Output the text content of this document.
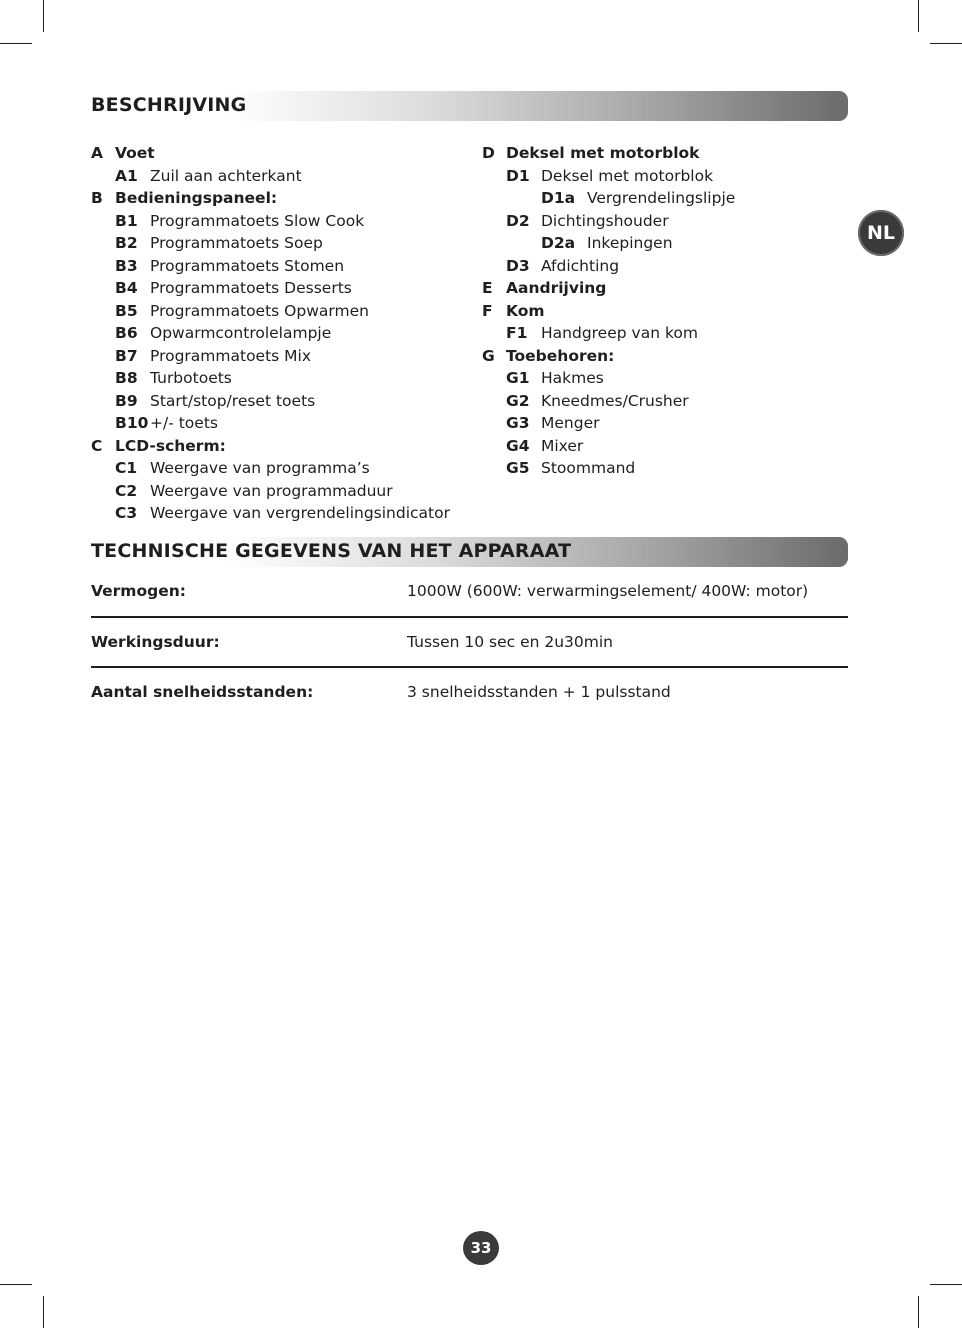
BESCHRIJVING
A Voet
A1 Zuil aan achterkant
B Bedieningspaneel:
B1 Programmatoets Slow Cook
B2 Programmatoets Soep
B3 Programmatoets Stomen
B4 Programmatoets Desserts
B5 Programmatoets Opwarmen
B6 Opwarmcontrolelampje
B7 Programmatoets Mix
B8 Turbotoets
B9 Start/stop/reset toets
B10 +/- toets
C LCD-scherm:
C1 Weergave van programma’s
C2 Weergave van programmaduur
C3 Weergave van vergrendelingsindicator
D Deksel met motorblok
D1 Deksel met motorblok
D1a Vergrendelingslipje
D2 Dichtingshouder
D2a Inkepingen
D3 Afdichting
E Aandrijving
F Kom
F1 Handgreep van kom
G Toebehoren:
G1 Hakmes
G2 Kneedmes/Crusher
G3 Menger
G4 Mixer
G5 Stoommand
NL
TECHNISCHE GEGEVENS VAN HET APPARAAT
Vermogen:	1000W (600W: verwarmingselement/ 400W: motor)
Werkingsduur:	Tussen 10 sec en 2u30min
Aantal snelheidsstanden:	3 snelheidsstanden + 1 pulsstand
33
